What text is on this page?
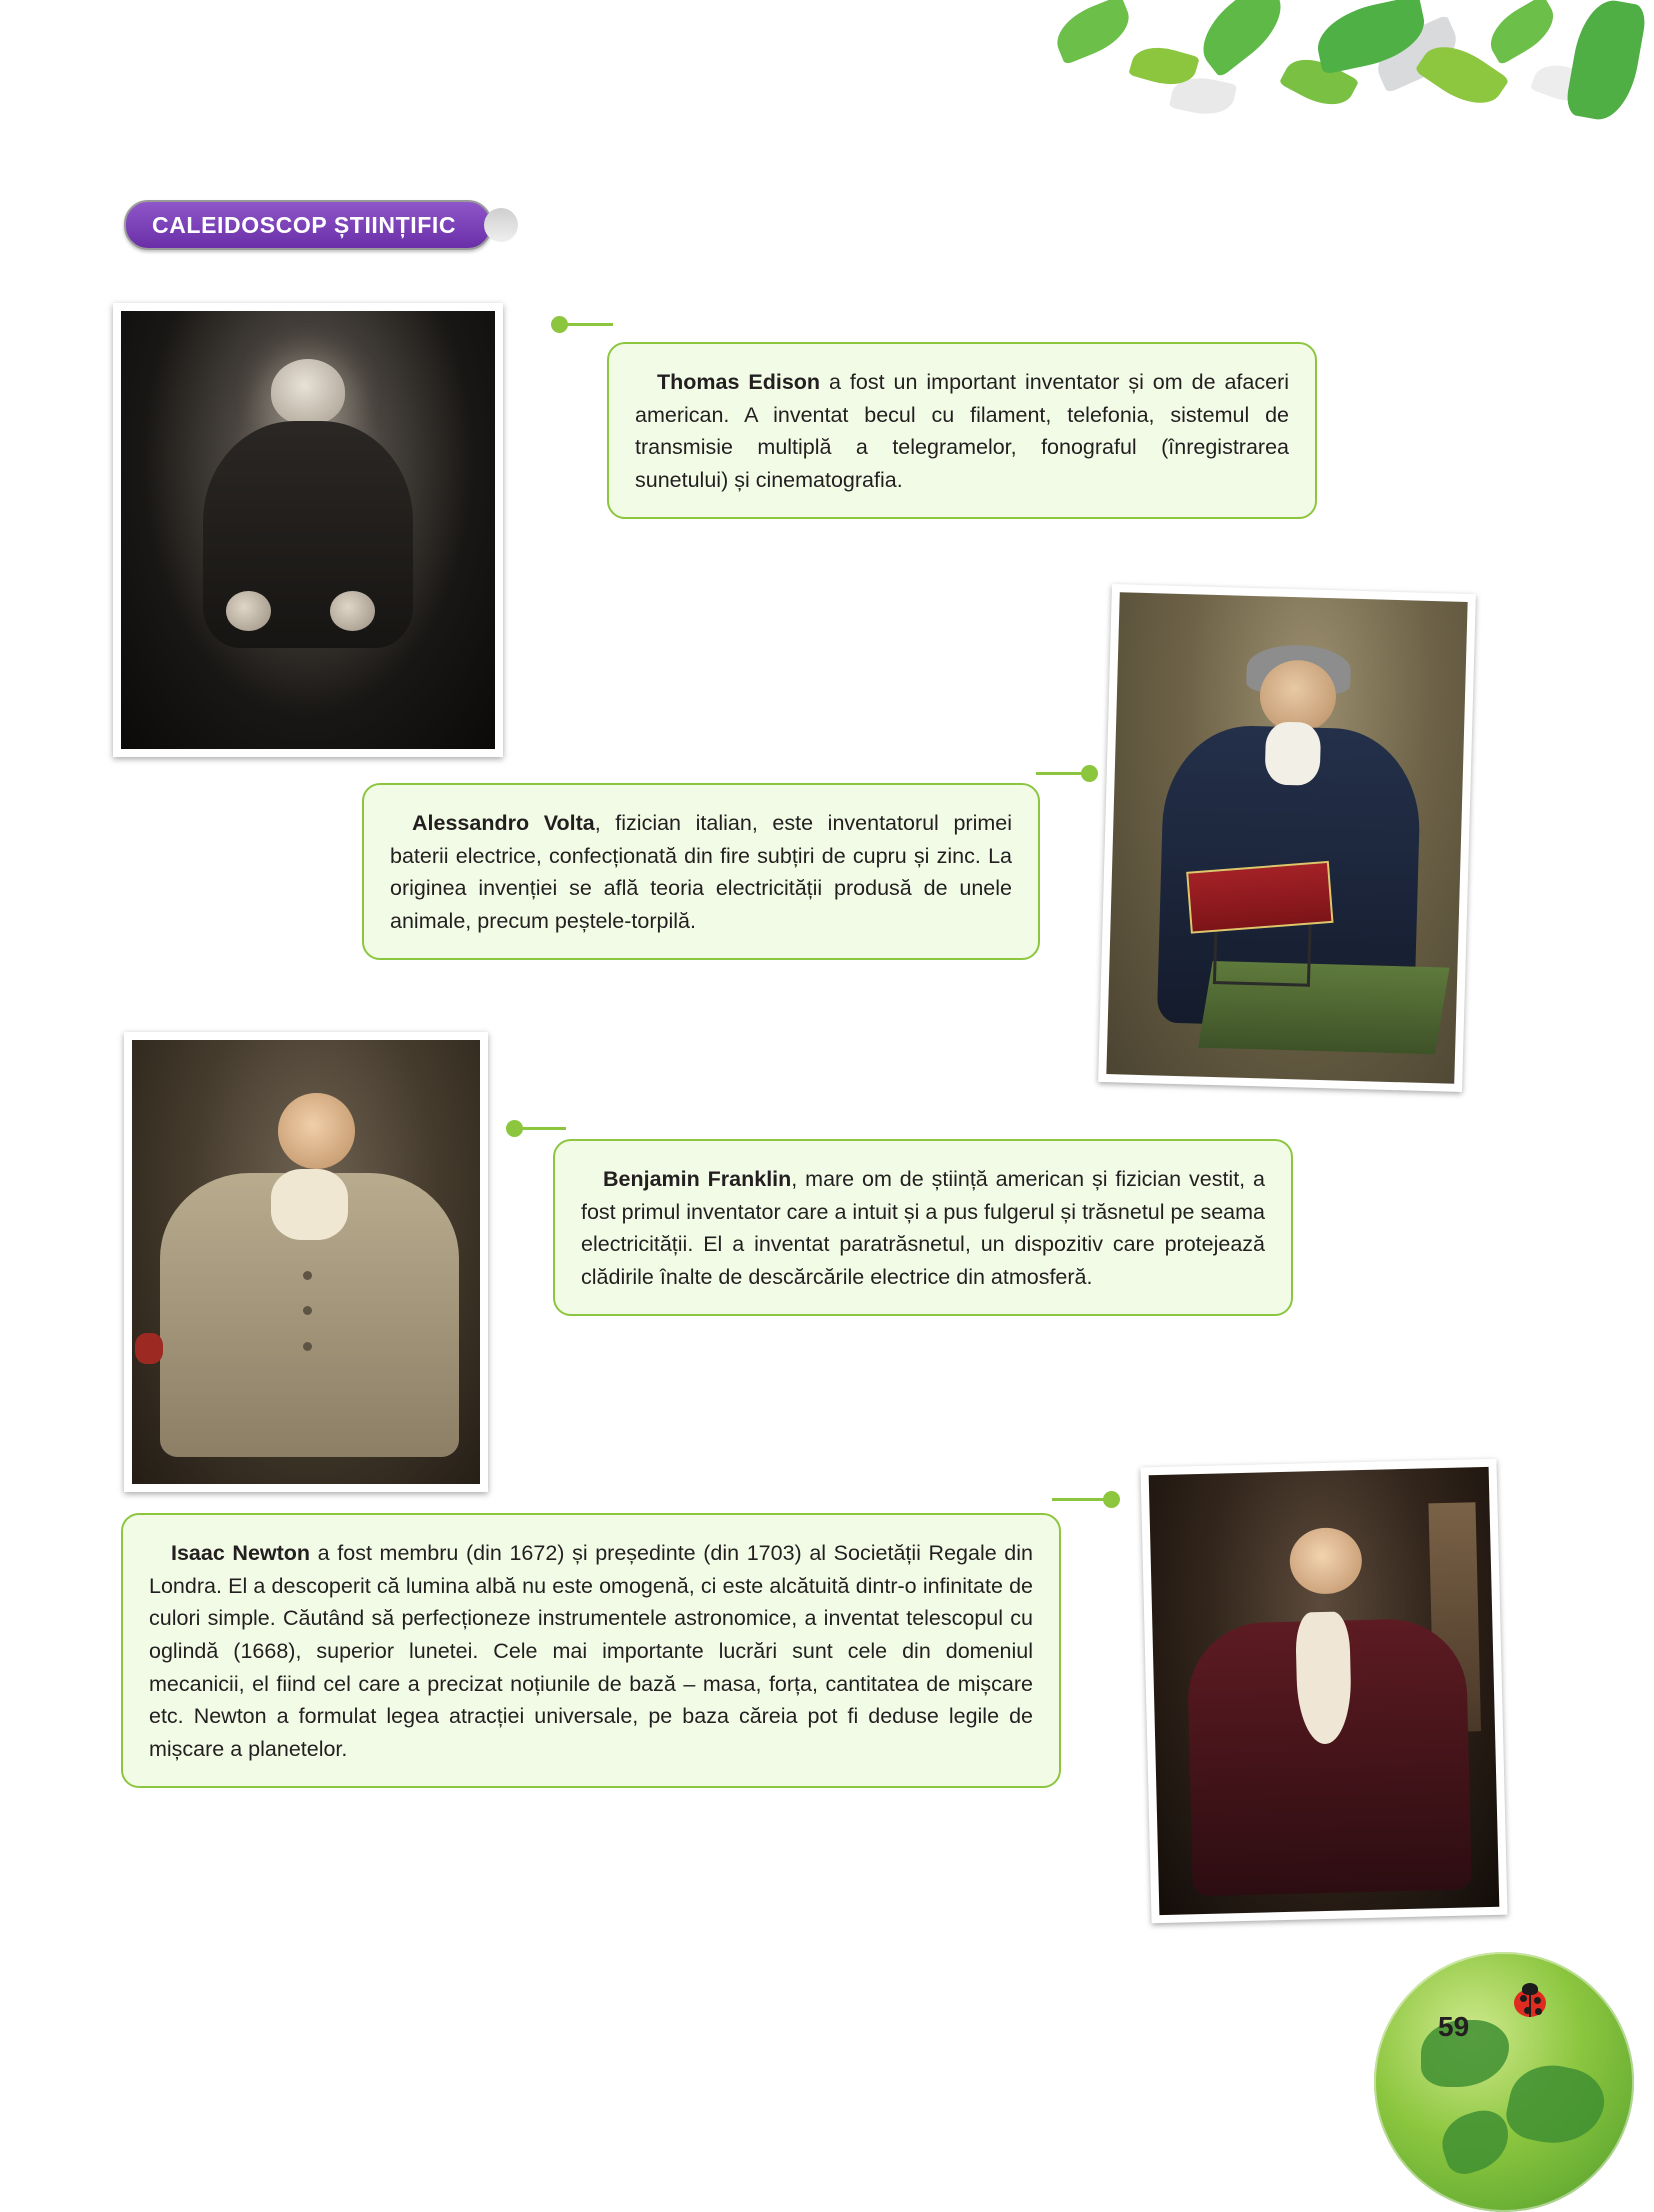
CALEIDOSCOP ȘTIINȚIFIC

Thomas Edison a fost un important inventator și om de afaceri american. A inventat becul cu filament, telefonia, sistemul de transmisie multiplă a telegramelor, fonograful (înregistrarea sunetului) și cinematografia.

Alessandro Volta, fizician italian, este inventatorul primei baterii electrice, confecționată din fire subțiri de cupru și zinc. La originea invenției se află teoria electricității produsă de unele animale, precum peștele-torpilă.

Benjamin Franklin, mare om de știință american și fizician vestit, a fost primul inventator care a intuit și a pus fulgerul și trăsnetul pe seama electricității. El a inventat paratrăsnetul, un dispozitiv care protejează clădirile înalte de descărcările electrice din atmosferă.

Isaac Newton a fost membru (din 1672) și președinte (din 1703) al Societății Regale din Londra. El a descoperit că lumina albă nu este omogenă, ci este alcătuită dintr-o infinitate de culori simple. Căutând să perfecționeze instrumentele astronomice, a inventat telescopul cu oglindă (1668), superior lunetei. Cele mai importante lucrări sunt cele din domeniul mecanicii, el fiind cel care a precizat noțiunile de bază – masa, forța, cantitatea de mișcare etc. Newton a formulat legea atracției universale, pe baza căreia pot fi deduse legile de mișcare a planetelor.

59
